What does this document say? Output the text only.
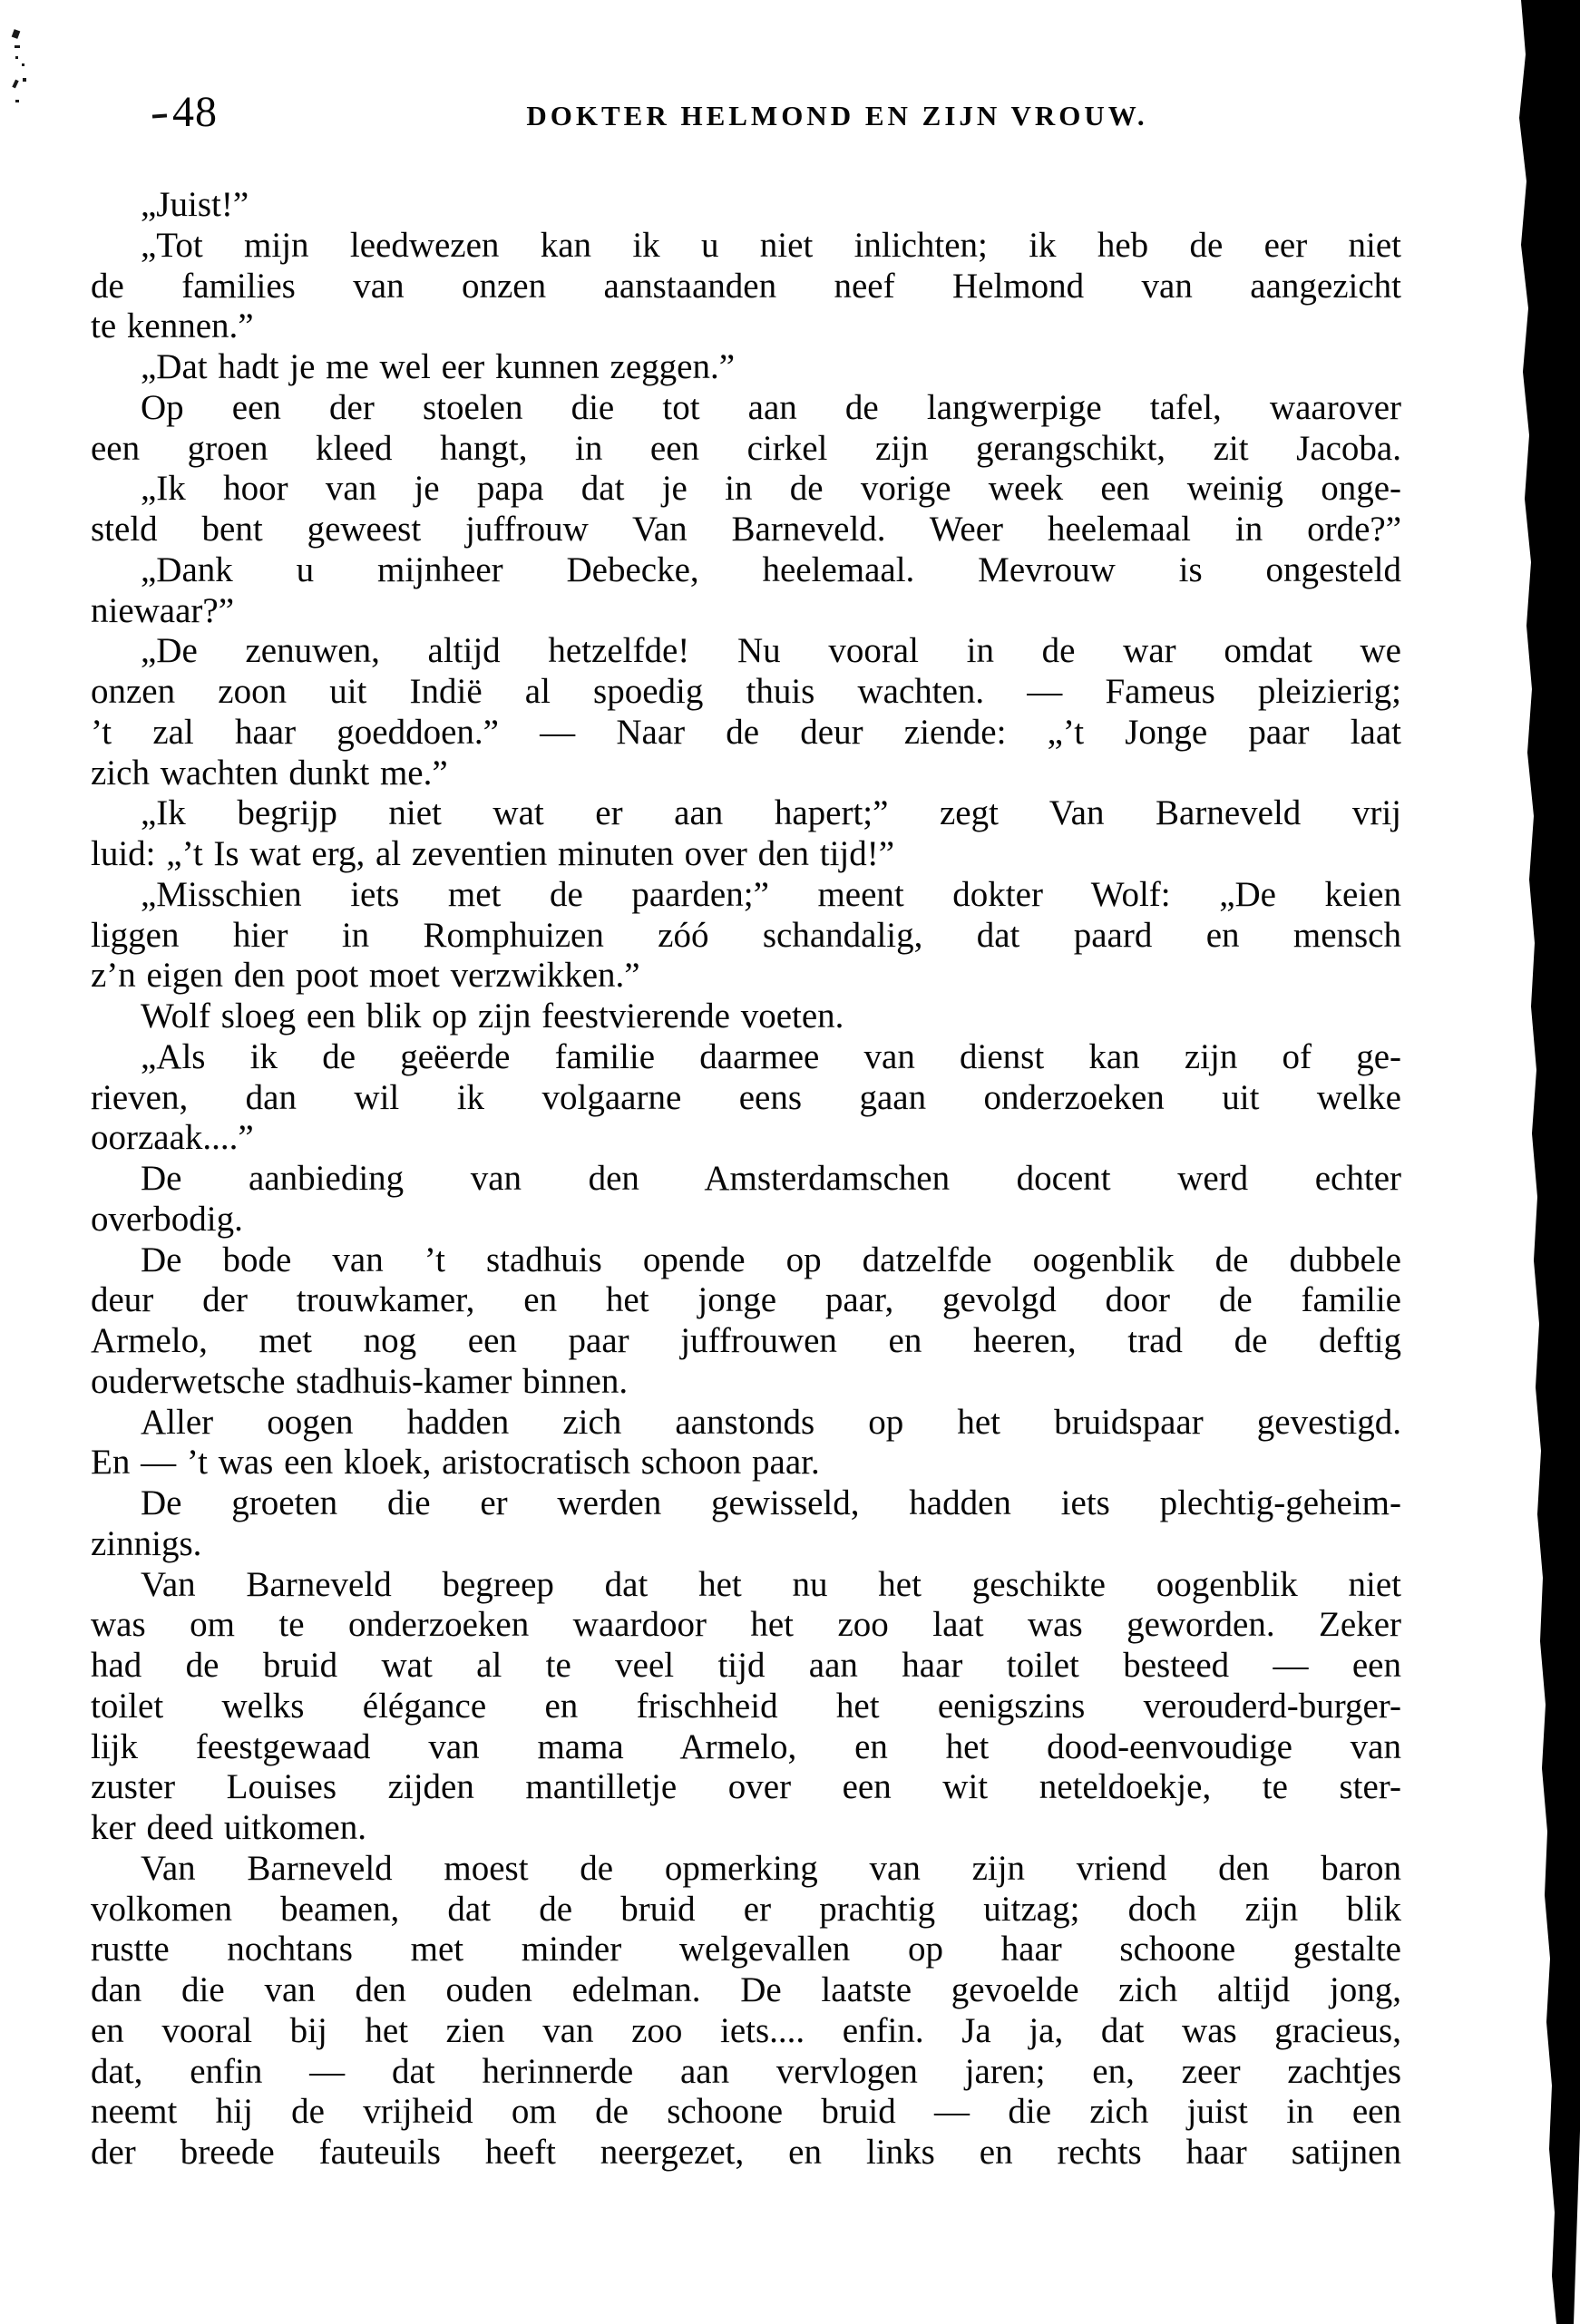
48	DOKTER HELMOND EN ZIJN VROUW.
„Juist!”
„Tot mijn leedwezen kan ik u niet inlichten; ik heb de eer niet
de families van onzen aanstaanden neef Helmond van aangezicht
te kennen.”
„Dat hadt je me wel eer kunnen zeggen.”
Op een der stoelen die tot aan de langwerpige tafel, waarover
een groen kleed hangt, in een cirkel zijn gerangschikt, zit Jacoba.
„Ik hoor van je papa dat je in de vorige week een weinig onge-
steld bent geweest juffrouw Van Barneveld. Weer heelemaal in orde?”
„Dank u mijnheer Debecke, heelemaal. Mevrouw is ongesteld
niewaar?”
„De zenuwen, altijd hetzelfde! Nu vooral in de war omdat we
onzen zoon uit Indië al spoedig thuis wachten. — Fameus pleizierig;
’t zal haar goeddoen.” — Naar de deur ziende: „’t Jonge paar laat
zich wachten dunkt me.”
„Ik begrijp niet wat er aan hapert;” zegt Van Barneveld vrij
luid: „’t Is wat erg, al zeventien minuten over den tijd!”
„Misschien iets met de paarden;” meent dokter Wolf: „De keien
liggen hier in Romphuizen zóó schandalig, dat paard en mensch
z’n eigen den poot moet verzwikken.”
Wolf sloeg een blik op zijn feestvierende voeten.
„Als ik de geëerde familie daarmee van dienst kan zijn of ge-
rieven, dan wil ik volgaarne eens gaan onderzoeken uit welke
oorzaak....”
De aanbieding van den Amsterdamschen docent werd echter
overbodig.
De bode van ’t stadhuis opende op datzelfde oogenblik de dubbele
deur der trouwkamer, en het jonge paar, gevolgd door de familie
Armelo, met nog een paar juffrouwen en heeren, trad de deftig
ouderwetsche stadhuis-kamer binnen.
Aller oogen hadden zich aanstonds op het bruidspaar gevestigd.
En — ’t was een kloek, aristocratisch schoon paar.
De groeten die er werden gewisseld, hadden iets plechtig-geheim-
zinnigs.
Van Barneveld begreep dat het nu het geschikte oogenblik niet
was om te onderzoeken waardoor het zoo laat was geworden. Zeker
had de bruid wat al te veel tijd aan haar toilet besteed — een
toilet welks élégance en frischheid het eenigszins verouderd-burger-
lijk feestgewaad van mama Armelo, en het dood-eenvoudige van
zuster Louises zijden mantilletje over een wit neteldoekje, te ster-
ker deed uitkomen.
Van Barneveld moest de opmerking van zijn vriend den baron
volkomen beamen, dat de bruid er prachtig uitzag; doch zijn blik
rustte nochtans met minder welgevallen op haar schoone gestalte
dan die van den ouden edelman. De laatste gevoelde zich altijd jong,
en vooral bij het zien van zoo iets.... enfin. Ja ja, dat was gracieus,
dat, enfin — dat herinnerde aan vervlogen jaren; en, zeer zachtjes
neemt hij de vrijheid om de schoone bruid — die zich juist in een
der breede fauteuils heeft neergezet, en links en rechts haar satijnen
